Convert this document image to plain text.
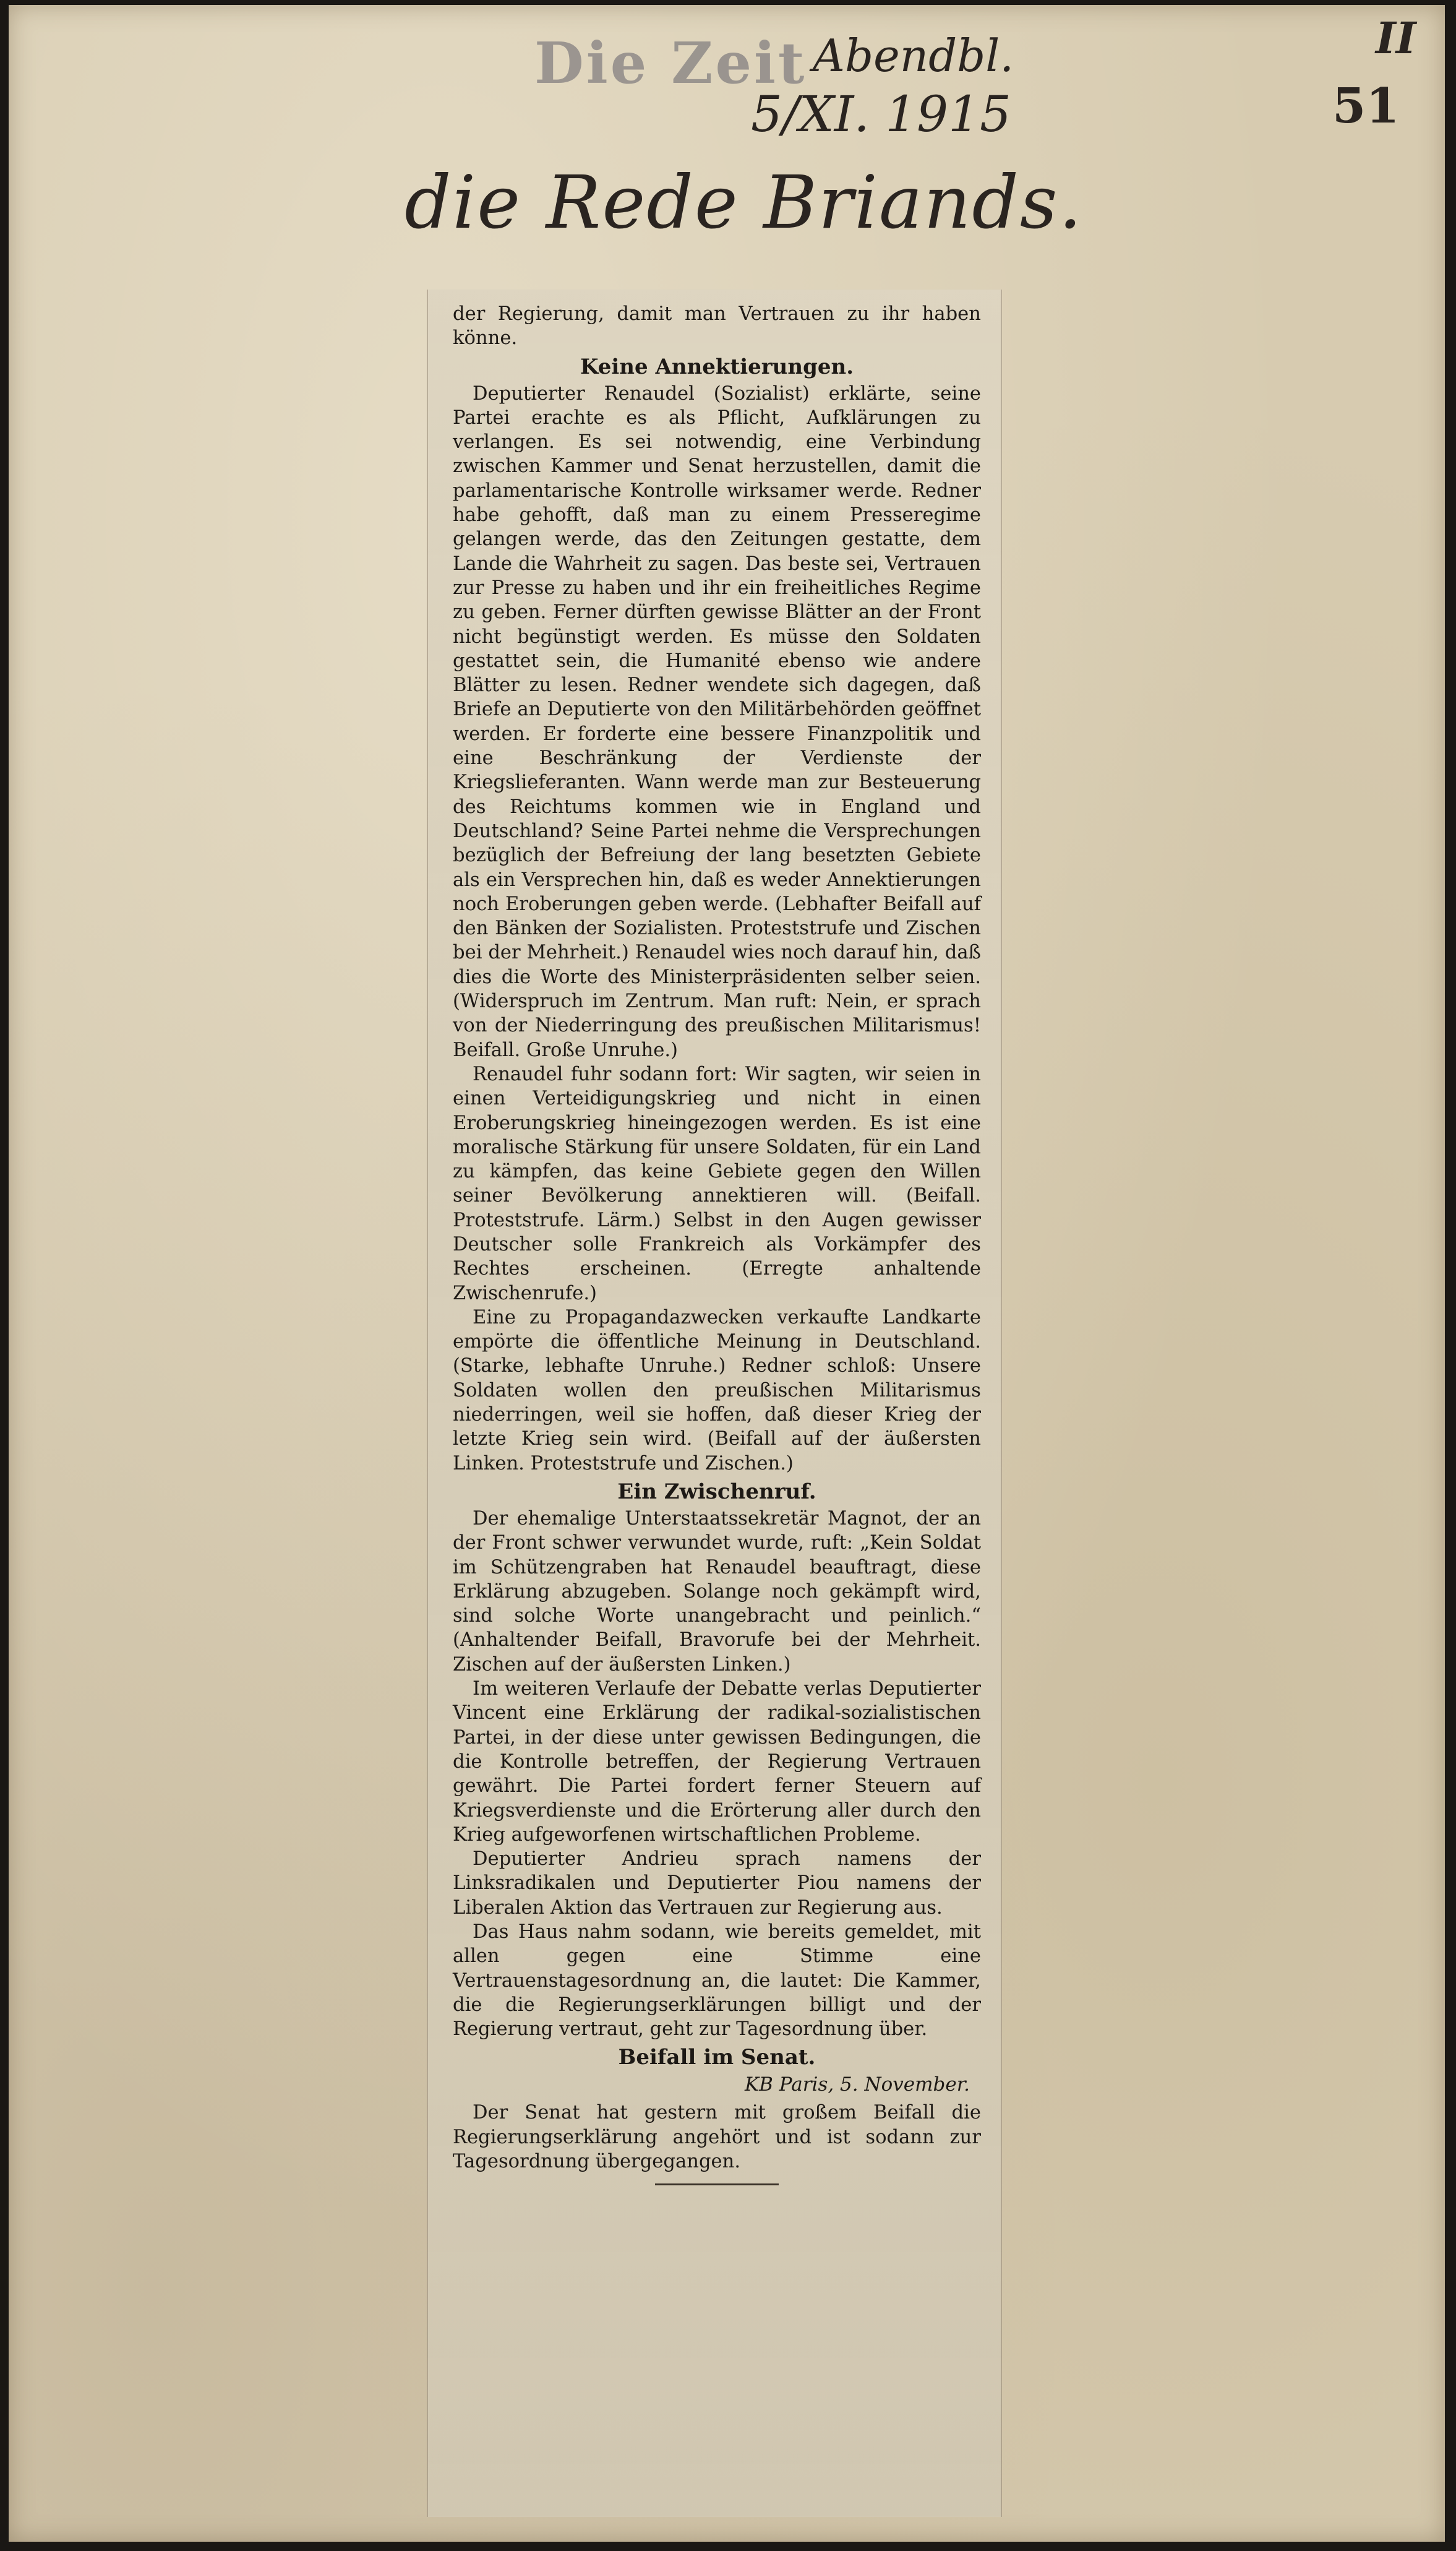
Die Zeit Abendbl.
5/XI. 1915
die Rede Briands.
II
51

der Regierung, damit man Vertrauen zu ihr haben könne.

Keine Annektierungen.

Deputierter Renaudel (Sozialist) erklärte, seine Partei erachte es als Pflicht, Aufklärungen zu verlangen. Es sei notwendig, eine Verbindung zwischen Kammer und Senat herzustellen, damit die parlamentarische Kontrolle wirksamer werde. Redner habe gehofft, daß man zu einem Presseregime gelangen werde, das den Zeitungen gestatte, dem Lande die Wahrheit zu sagen. Das beste sei, Vertrauen zur Presse zu haben und ihr ein freiheitliches Regime zu geben. Ferner dürften gewisse Blätter an der Front nicht begünstigt werden. Es müsse den Soldaten gestattet sein, die Humanité ebenso wie andere Blätter zu lesen. Redner wendete sich dagegen, daß Briefe an Deputierte von den Militärbehörden geöffnet werden. Er forderte eine bessere Finanzpolitik und eine Beschränkung der Verdienste der Kriegslieferanten. Wann werde man zur Besteuerung des Reichtums kommen wie in England und Deutschland? Seine Partei nehme die Versprechungen bezüglich der Befreiung der lang besetzten Gebiete als ein Versprechen hin, daß es weder Annektierungen noch Eroberungen geben werde. (Lebhafter Beifall auf den Bänken der Sozialisten. Proteststrufe und Zischen bei der Mehrheit.) Renaudel wies noch darauf hin, daß dies die Worte des Ministerpräsidenten selber seien. (Widerspruch im Zentrum. Man ruft: Nein, er sprach von der Niederringung des preußischen Militarismus! Beifall. Große Unruhe.)

Renaudel fuhr sodann fort: Wir sagten, wir seien in einen Verteidigungskrieg und nicht in einen Eroberungskrieg hineingezogen werden. Es ist eine moralische Stärkung für unsere Soldaten, für ein Land zu kämpfen, das keine Gebiete gegen den Willen seiner Bevölkerung annektieren will. (Beifall. Proteststrufe. Lärm.) Selbst in den Augen gewisser Deutscher solle Frankreich als Vorkämpfer des Rechtes erscheinen. (Erregte anhaltende Zwischenrufe.)

Eine zu Propagandazwecken verkaufte Landkarte empörte die öffentliche Meinung in Deutschland. (Starke, lebhafte Unruhe.) Redner schloß: Unsere Soldaten wollen den preußischen Militarismus niederringen, weil sie hoffen, daß dieser Krieg der letzte Krieg sein wird. (Beifall auf der äußersten Linken. Proteststrufe und Zischen.)

Ein Zwischenruf.

Der ehemalige Unterstaatssekretär Magnot, der an der Front schwer verwundet wurde, ruft: „Kein Soldat im Schützengraben hat Renaudel beauftragt, diese Erklärung abzugeben. Solange noch gekämpft wird, sind solche Worte unangebracht und peinlich.“ (Anhaltender Beifall, Bravorufe bei der Mehrheit. Zischen auf der äußersten Linken.)

Im weiteren Verlaufe der Debatte verlas Deputierter Vincent eine Erklärung der radikal-sozialistischen Partei, in der diese unter gewissen Bedingungen, die die Kontrolle betreffen, der Regierung Vertrauen gewährt. Die Partei fordert ferner Steuern auf Kriegsverdienste und die Erörterung aller durch den Krieg aufgeworfenen wirtschaftlichen Probleme.

Deputierter Andrieu sprach namens der Linksradikalen und Deputierter Piou namens der Liberalen Aktion das Vertrauen zur Regierung aus.

Das Haus nahm sodann, wie bereits gemeldet, mit allen gegen eine Stimme eine Vertrauenstagesordnung an, die lautet: Die Kammer, die die Regierungserklärungen billigt und der Regierung vertraut, geht zur Tagesordnung über.

Beifall im Senat.
KB Paris, 5. November.

Der Senat hat gestern mit großem Beifall die Regierungserklärung angehört und ist sodann zur Tagesordnung übergegangen.
